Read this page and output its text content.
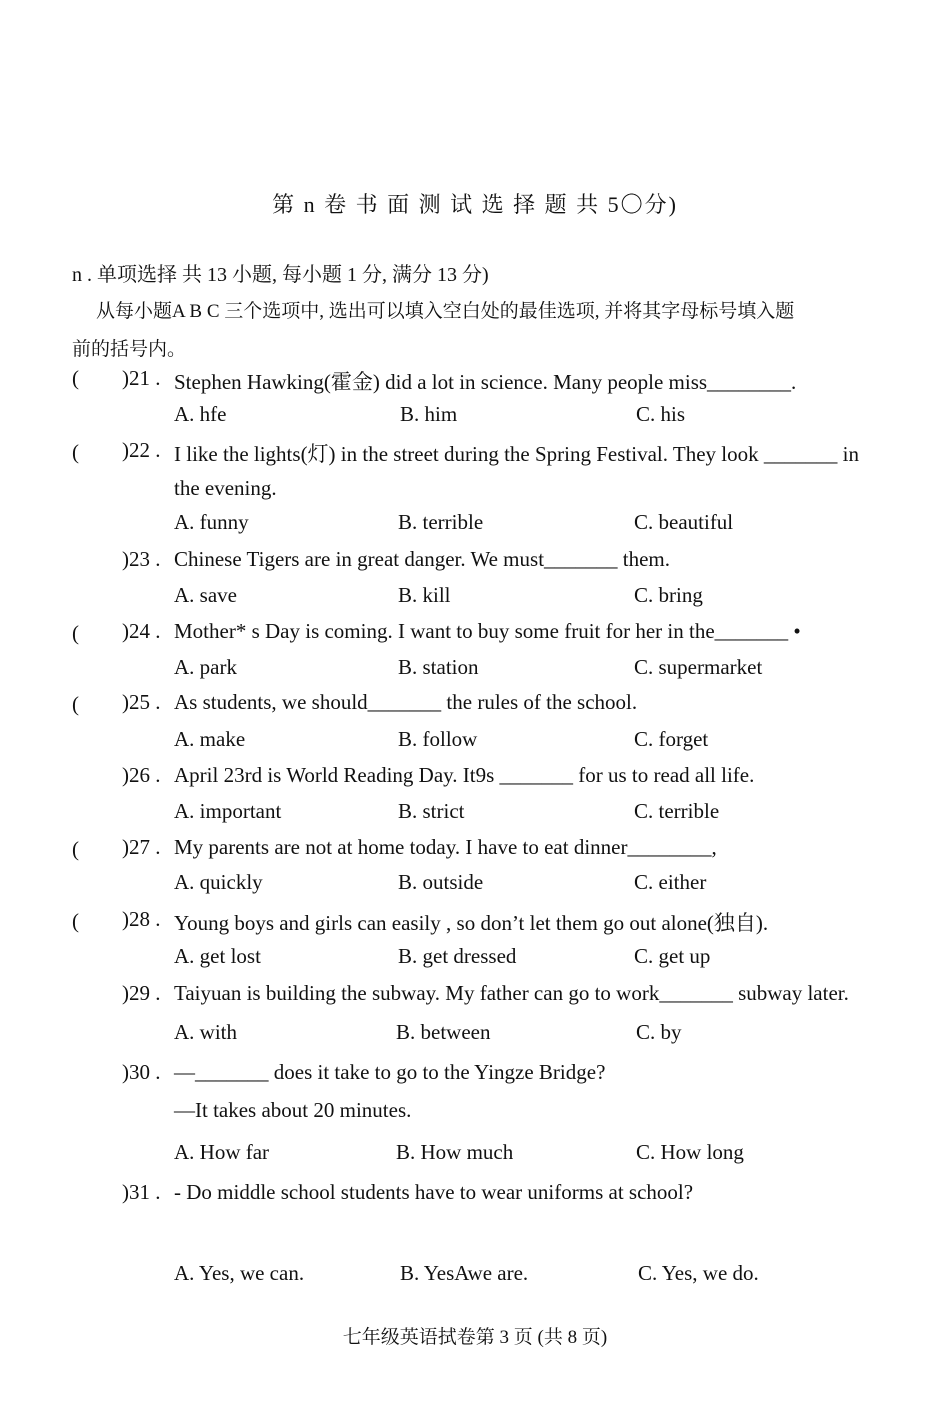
第 n 卷 书 面 测 试 选 择 题 共 5〇分)
n . 单项选择 共 13 小题, 每小题 1 分, 满分 13 分)
从每小题A B C 三个选项中, 选出可以填入空白处的最佳选项, 并将其字母标号填入题
前的括号内。
( )21 . Stephen Hawking(霍金) did a lot in science. Many people miss________.
A. hfe	B. him	C. his
( )22 . I like the lights(灯) in the street during the Spring Festival. They look _______ in
the evening.
A. funny	B. terrible	C. beautiful
)23 . Chinese Tigers are in great danger. We must_______ them.
A. save	B. kill	C. bring
( )24 . Mother* s Day is coming. I want to buy some fruit for her in the_______ •
A. park	B. station	C. supermarket
( )25 . As students, we should_______ the rules of the school.
A. make	B. follow	C. forget
)26 . April 23rd is World Reading Day. It9s _______ for us to read all life.
A. important	B. strict	C. terrible
( )27 . My parents are not at home today. I have to eat dinner________,
A. quickly	B. outside	C. either
( )28 . Young boys and girls can easily , so don’t let them go out alone(独自).
A. get lost	B. get dressed	C. get up
)29 . Taiyuan is building the subway. My father can go to work_______ subway later.
A. with	B. between	C. by
)30 . —_______ does it take to go to the Yingze Bridge?
—It takes about 20 minutes.
A. How far	B. How much	C. How long
)31 . - Do middle school students have to wear uniforms at school?
A. Yes, we can.	B. YesAwe are.	C. Yes, we do.
七年级英语拭卷第 3 页 (共 8 页)
